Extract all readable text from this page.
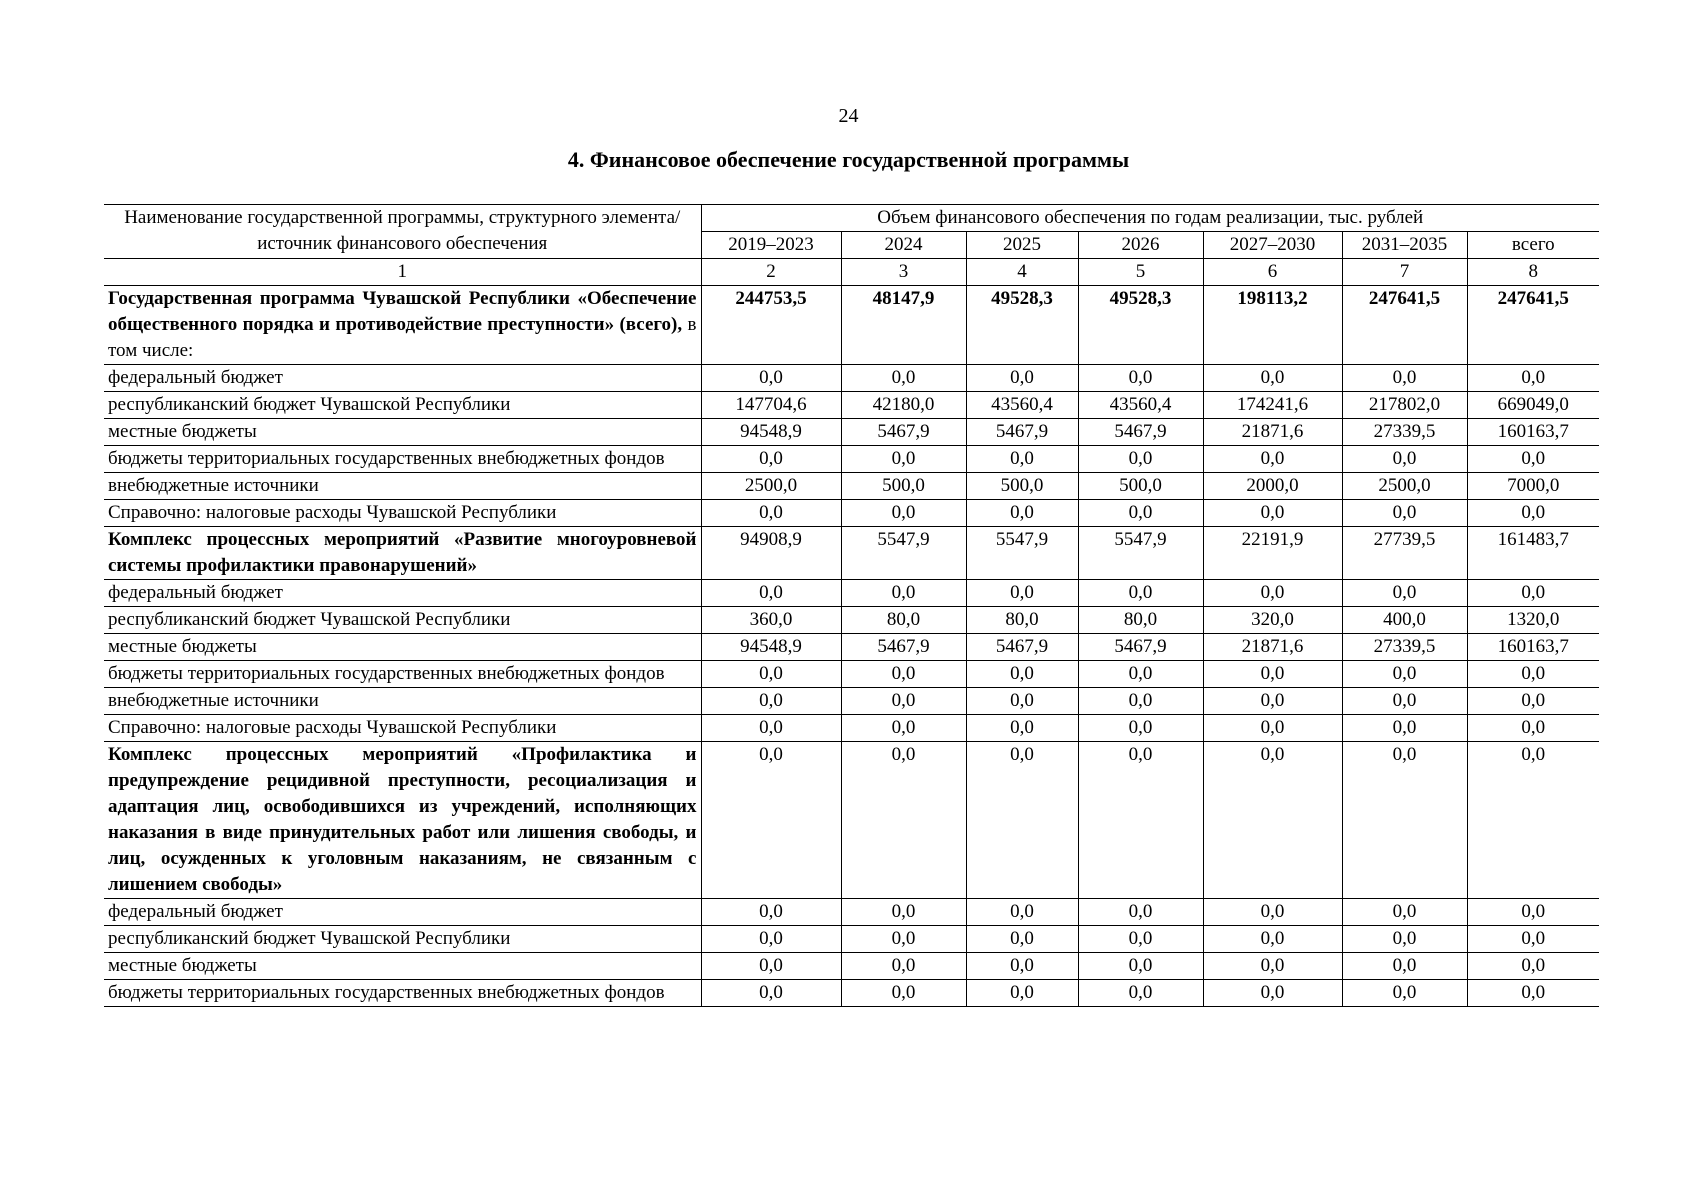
24
4. Финансовое обеспечение государственной программы
Наименование государственной программы, структурного элемента/ источник финансового обеспечения	Объем финансового обеспечения по годам реализации, тыс. рублей						
	2019–2023	2024	2025	2026	2027–2030	2031–2035	всего
1	2	3	4	5	6	7	8
Государственная программа Чувашской Республики «Обеспечение общественного порядка и противодействие преступности» (всего), в том числе:	244753,5	48147,9	49528,3	49528,3	198113,2	247641,5	247641,5
федеральный бюджет	0,0	0,0	0,0	0,0	0,0	0,0	0,0
республиканский бюджет Чувашской Республики	147704,6	42180,0	43560,4	43560,4	174241,6	217802,0	669049,0
местные бюджеты	94548,9	5467,9	5467,9	5467,9	21871,6	27339,5	160163,7
бюджеты территориальных государственных внебюджетных фондов	0,0	0,0	0,0	0,0	0,0	0,0	0,0
внебюджетные источники	2500,0	500,0	500,0	500,0	2000,0	2500,0	7000,0
Справочно: налоговые расходы Чувашской Республики	0,0	0,0	0,0	0,0	0,0	0,0	0,0
Комплекс процессных мероприятий «Развитие многоуровневой системы профилактики правонарушений»	94908,9	5547,9	5547,9	5547,9	22191,9	27739,5	161483,7
федеральный бюджет	0,0	0,0	0,0	0,0	0,0	0,0	0,0
республиканский бюджет Чувашской Республики	360,0	80,0	80,0	80,0	320,0	400,0	1320,0
местные бюджеты	94548,9	5467,9	5467,9	5467,9	21871,6	27339,5	160163,7
бюджеты территориальных государственных внебюджетных фондов	0,0	0,0	0,0	0,0	0,0	0,0	0,0
внебюджетные источники	0,0	0,0	0,0	0,0	0,0	0,0	0,0
Справочно: налоговые расходы Чувашской Республики	0,0	0,0	0,0	0,0	0,0	0,0	0,0
Комплекс процессных мероприятий «Профилактика и предупреждение рецидивной преступности, ресоциализация и адаптация лиц, освободившихся из учреждений, исполняющих наказания в виде принудительных работ или лишения свободы, и лиц, осужденных к уголовным наказаниям, не связанным с лишением свободы»	0,0	0,0	0,0	0,0	0,0	0,0	0,0
федеральный бюджет	0,0	0,0	0,0	0,0	0,0	0,0	0,0
республиканский бюджет Чувашской Республики	0,0	0,0	0,0	0,0	0,0	0,0	0,0
местные бюджеты	0,0	0,0	0,0	0,0	0,0	0,0	0,0
бюджеты территориальных государственных внебюджетных фондов	0,0	0,0	0,0	0,0	0,0	0,0	0,0
